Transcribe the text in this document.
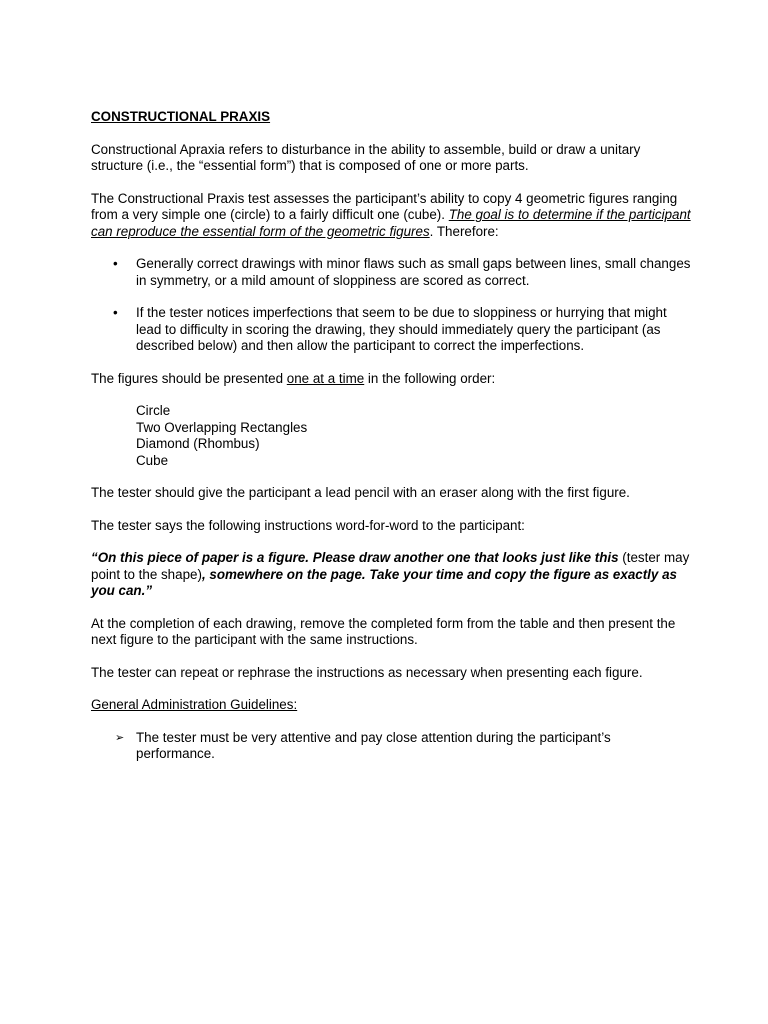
CONSTRUCTIONAL PRAXIS

Constructional Apraxia refers to disturbance in the ability to assemble, build or draw a unitary structure (i.e., the “essential form”) that is composed of one or more parts.

The Constructional Praxis test assesses the participant’s ability to copy 4 geometric figures ranging from a very simple one (circle) to a fairly difficult one (cube). The goal is to determine if the participant can reproduce the essential form of the geometric figures. Therefore:

• Generally correct drawings with minor flaws such as small gaps between lines, small changes in symmetry, or a mild amount of sloppiness are scored as correct.
• If the tester notices imperfections that seem to be due to sloppiness or hurrying that might lead to difficulty in scoring the drawing, they should immediately query the participant (as described below) and then allow the participant to correct the imperfections.

The figures should be presented one at a time in the following order:

Circle
Two Overlapping Rectangles
Diamond (Rhombus)
Cube

The tester should give the participant a lead pencil with an eraser along with the first figure.

The tester says the following instructions word-for-word to the participant:

“On this piece of paper is a figure. Please draw another one that looks just like this (tester may point to the shape), somewhere on the page. Take your time and copy the figure as exactly as you can.”

At the completion of each drawing, remove the completed form from the table and then present the next figure to the participant with the same instructions.

The tester can repeat or rephrase the instructions as necessary when presenting each figure.

General Administration Guidelines:

➢ The tester must be very attentive and pay close attention during the participant’s performance.
